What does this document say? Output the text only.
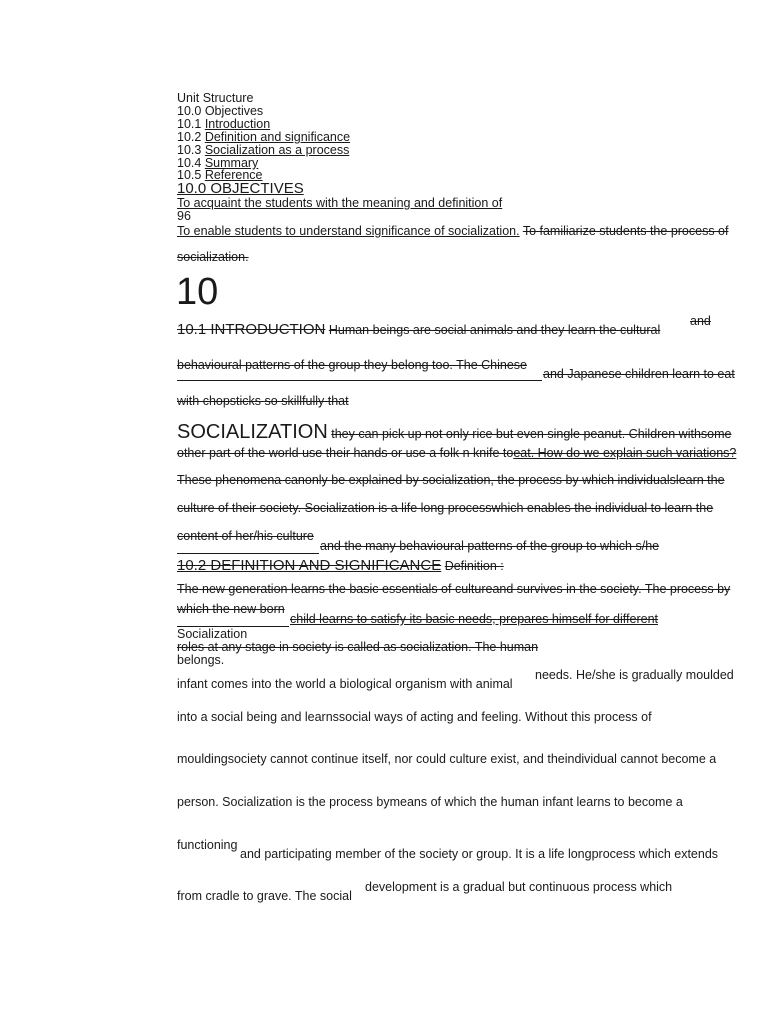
Unit Structure
10.0 Objectives
10.1 Introduction
10.2 Definition and significance
10.3 Socialization as a process
10.4 Summary
10.5 Reference
10.0 OBJECTIVES
To acquaint the students with the meaning and definition of
96
To enable students to understand significance of socialization. To familiarize students the process of
socialization.
10
10.1 INTRODUCTION Human beings are social animals and they learn the cultural
and
behavioural patterns of the group they belong too. The Chinese
and Japanese children learn to eat
with chopsticks so skillfully that
SOCIALIZATION they can pick up not only rice but even single peanut. Children withsome
other part of the world use their hands or use a folk n knife toeat. How do we explain such variations?
These phenomena canonly be explained by socialization, the process by which individualslearn the
culture of their society. Socialization is a life long processwhich enables the individual to learn the
content of her/his culture
and the many behavioural patterns of the group to which s/he
10.2 DEFINITION AND SIGNIFICANCE Definition :
The new generation learns the basic essentials of cultureand survives in the society. The process by
which the new born
child learns to satisfy its basic needs, prepares himself for different
Socialization
roles at any stage in society is called as socialization. The human
belongs.
infant comes into the world a biological organism with animal
needs. He/she is gradually moulded
into a social being and learnssocial ways of acting and feeling. Without this process of
mouldingsociety cannot continue itself, nor could culture exist, and theindividual cannot become a
person. Socialization is the process bymeans of which the human infant learns to become a
functioning
and participating member of the society or group. It is a life longprocess which extends
from cradle to grave. The social
development is a gradual but continuous process which
